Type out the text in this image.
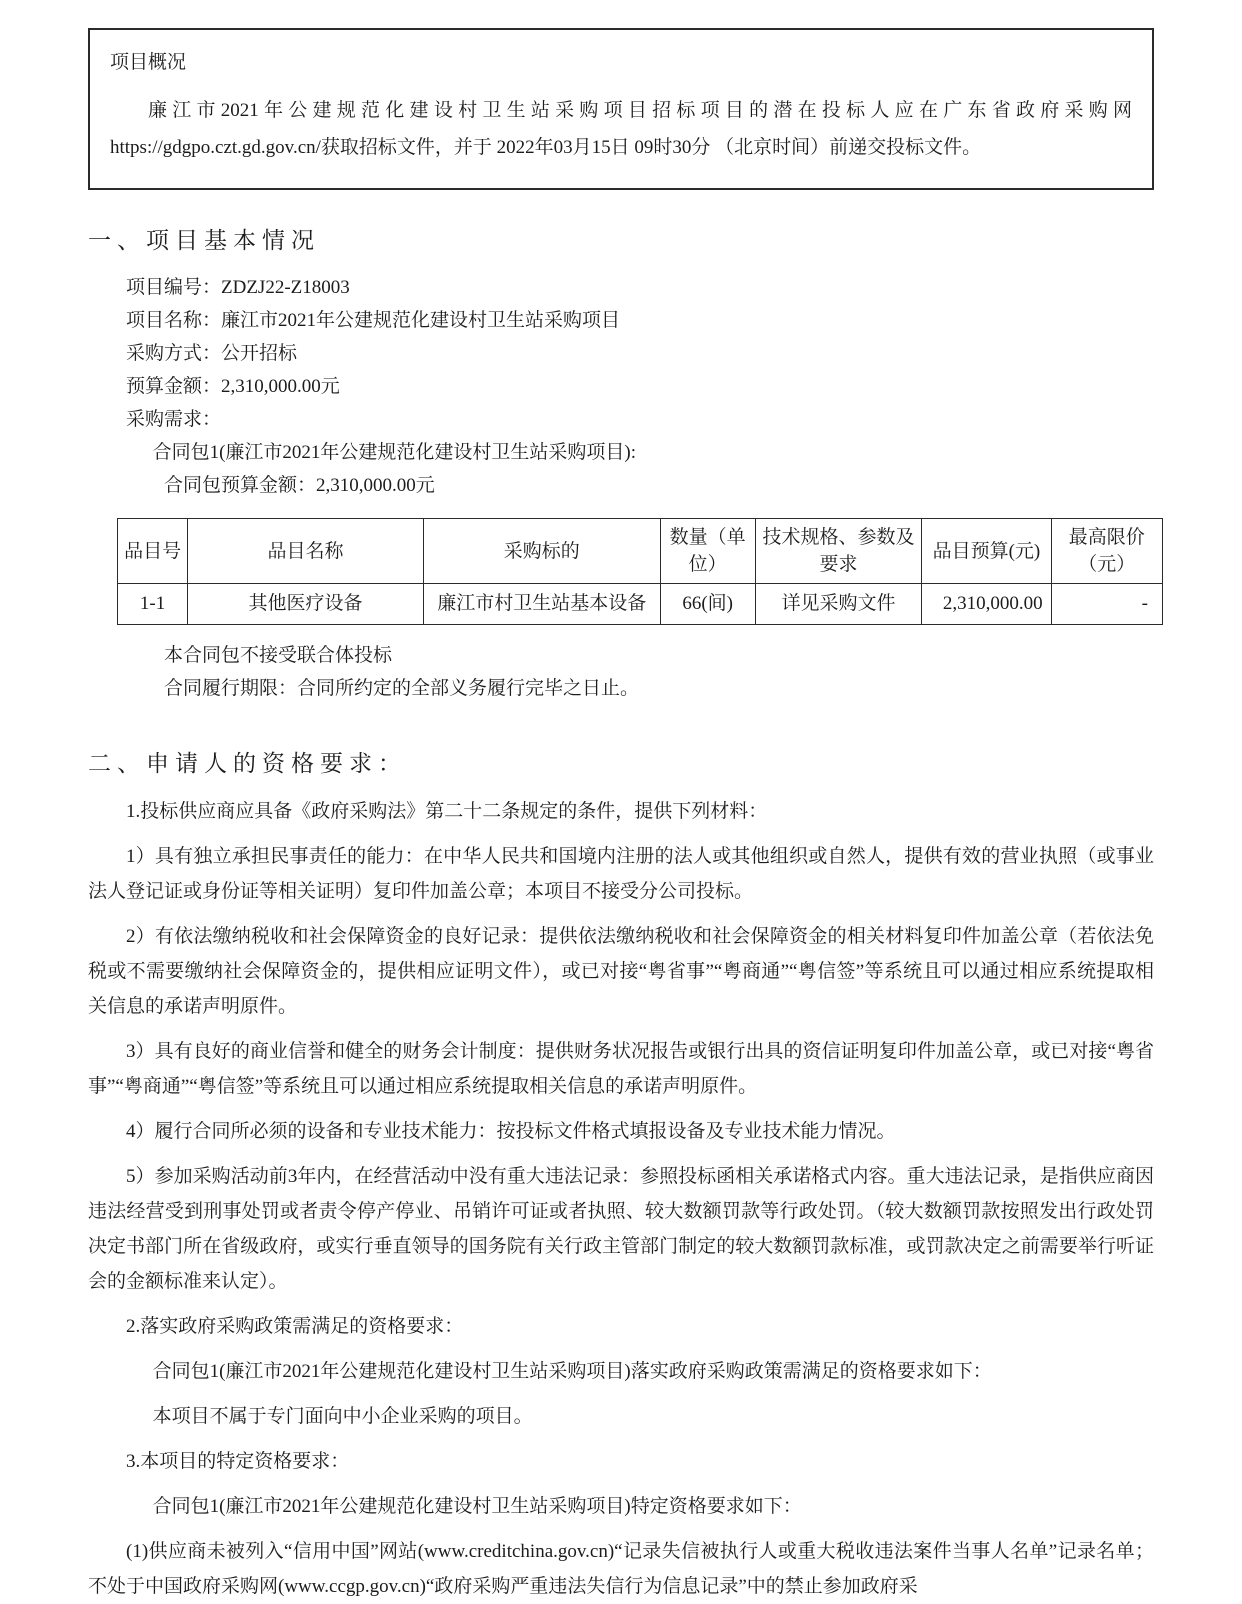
项目概况

廉江市2021年公建规范化建设村卫生站采购项目招标项目的潜在投标人应在广东省政府采购网https://gdgpo.czt.gd.gov.cn/获取招标文件，并于 2022年03月15日 09时30分 （北京时间）前递交投标文件。

一、项目基本情况

项目编号：ZDZJ22-Z18003

项目名称：廉江市2021年公建规范化建设村卫生站采购项目

采购方式：公开招标

预算金额：2,310,000.00元

采购需求：

合同包1(廉江市2021年公建规范化建设村卫生站采购项目):

合同包预算金额：2,310,000.00元

品目号	品目名称	采购标的	数量（单位）	技术规格、参数及要求	品目预算(元)	最高限价（元）
1-1	其他医疗设备	廉江市村卫生站基本设备	66(间)	详见采购文件	2,310,000.00	-

本合同包不接受联合体投标

合同履行期限：合同所约定的全部义务履行完毕之日止。

二、申请人的资格要求：

1.投标供应商应具备《政府采购法》第二十二条规定的条件，提供下列材料：

1）具有独立承担民事责任的能力：在中华人民共和国境内注册的法人或其他组织或自然人，提供有效的营业执照（或事业法人登记证或身份证等相关证明）复印件加盖公章；本项目不接受分公司投标。

2）有依法缴纳税收和社会保障资金的良好记录：提供依法缴纳税收和社会保障资金的相关材料复印件加盖公章（若依法免税或不需要缴纳社会保障资金的，提供相应证明文件），或已对接“粤省事”“粤商通”“粤信签”等系统且可以通过相应系统提取相关信息的承诺声明原件。

3）具有良好的商业信誉和健全的财务会计制度：提供财务状况报告或银行出具的资信证明复印件加盖公章，或已对接“粤省事”“粤商通”“粤信签”等系统且可以通过相应系统提取相关信息的承诺声明原件。

4）履行合同所必须的设备和专业技术能力：按投标文件格式填报设备及专业技术能力情况。

5）参加采购活动前3年内，在经营活动中没有重大违法记录：参照投标函相关承诺格式内容。重大违法记录，是指供应商因违法经营受到刑事处罚或者责令停产停业、吊销许可证或者执照、较大数额罚款等行政处罚。（较大数额罚款按照发出行政处罚决定书部门所在省级政府，或实行垂直领导的国务院有关行政主管部门制定的较大数额罚款标准，或罚款决定之前需要举行听证会的金额标准来认定）。

2.落实政府采购政策需满足的资格要求：

合同包1(廉江市2021年公建规范化建设村卫生站采购项目)落实政府采购政策需满足的资格要求如下：

本项目不属于专门面向中小企业采购的项目。

3.本项目的特定资格要求：

合同包1(廉江市2021年公建规范化建设村卫生站采购项目)特定资格要求如下：

(1)供应商未被列入“信用中国”网站(www.creditchina.gov.cn)“记录失信被执行人或重大税收违法案件当事人名单”记录名单；不处于中国政府采购网(www.ccgp.gov.cn)“政府采购严重违法失信行为信息记录”中的禁止参加政府采
